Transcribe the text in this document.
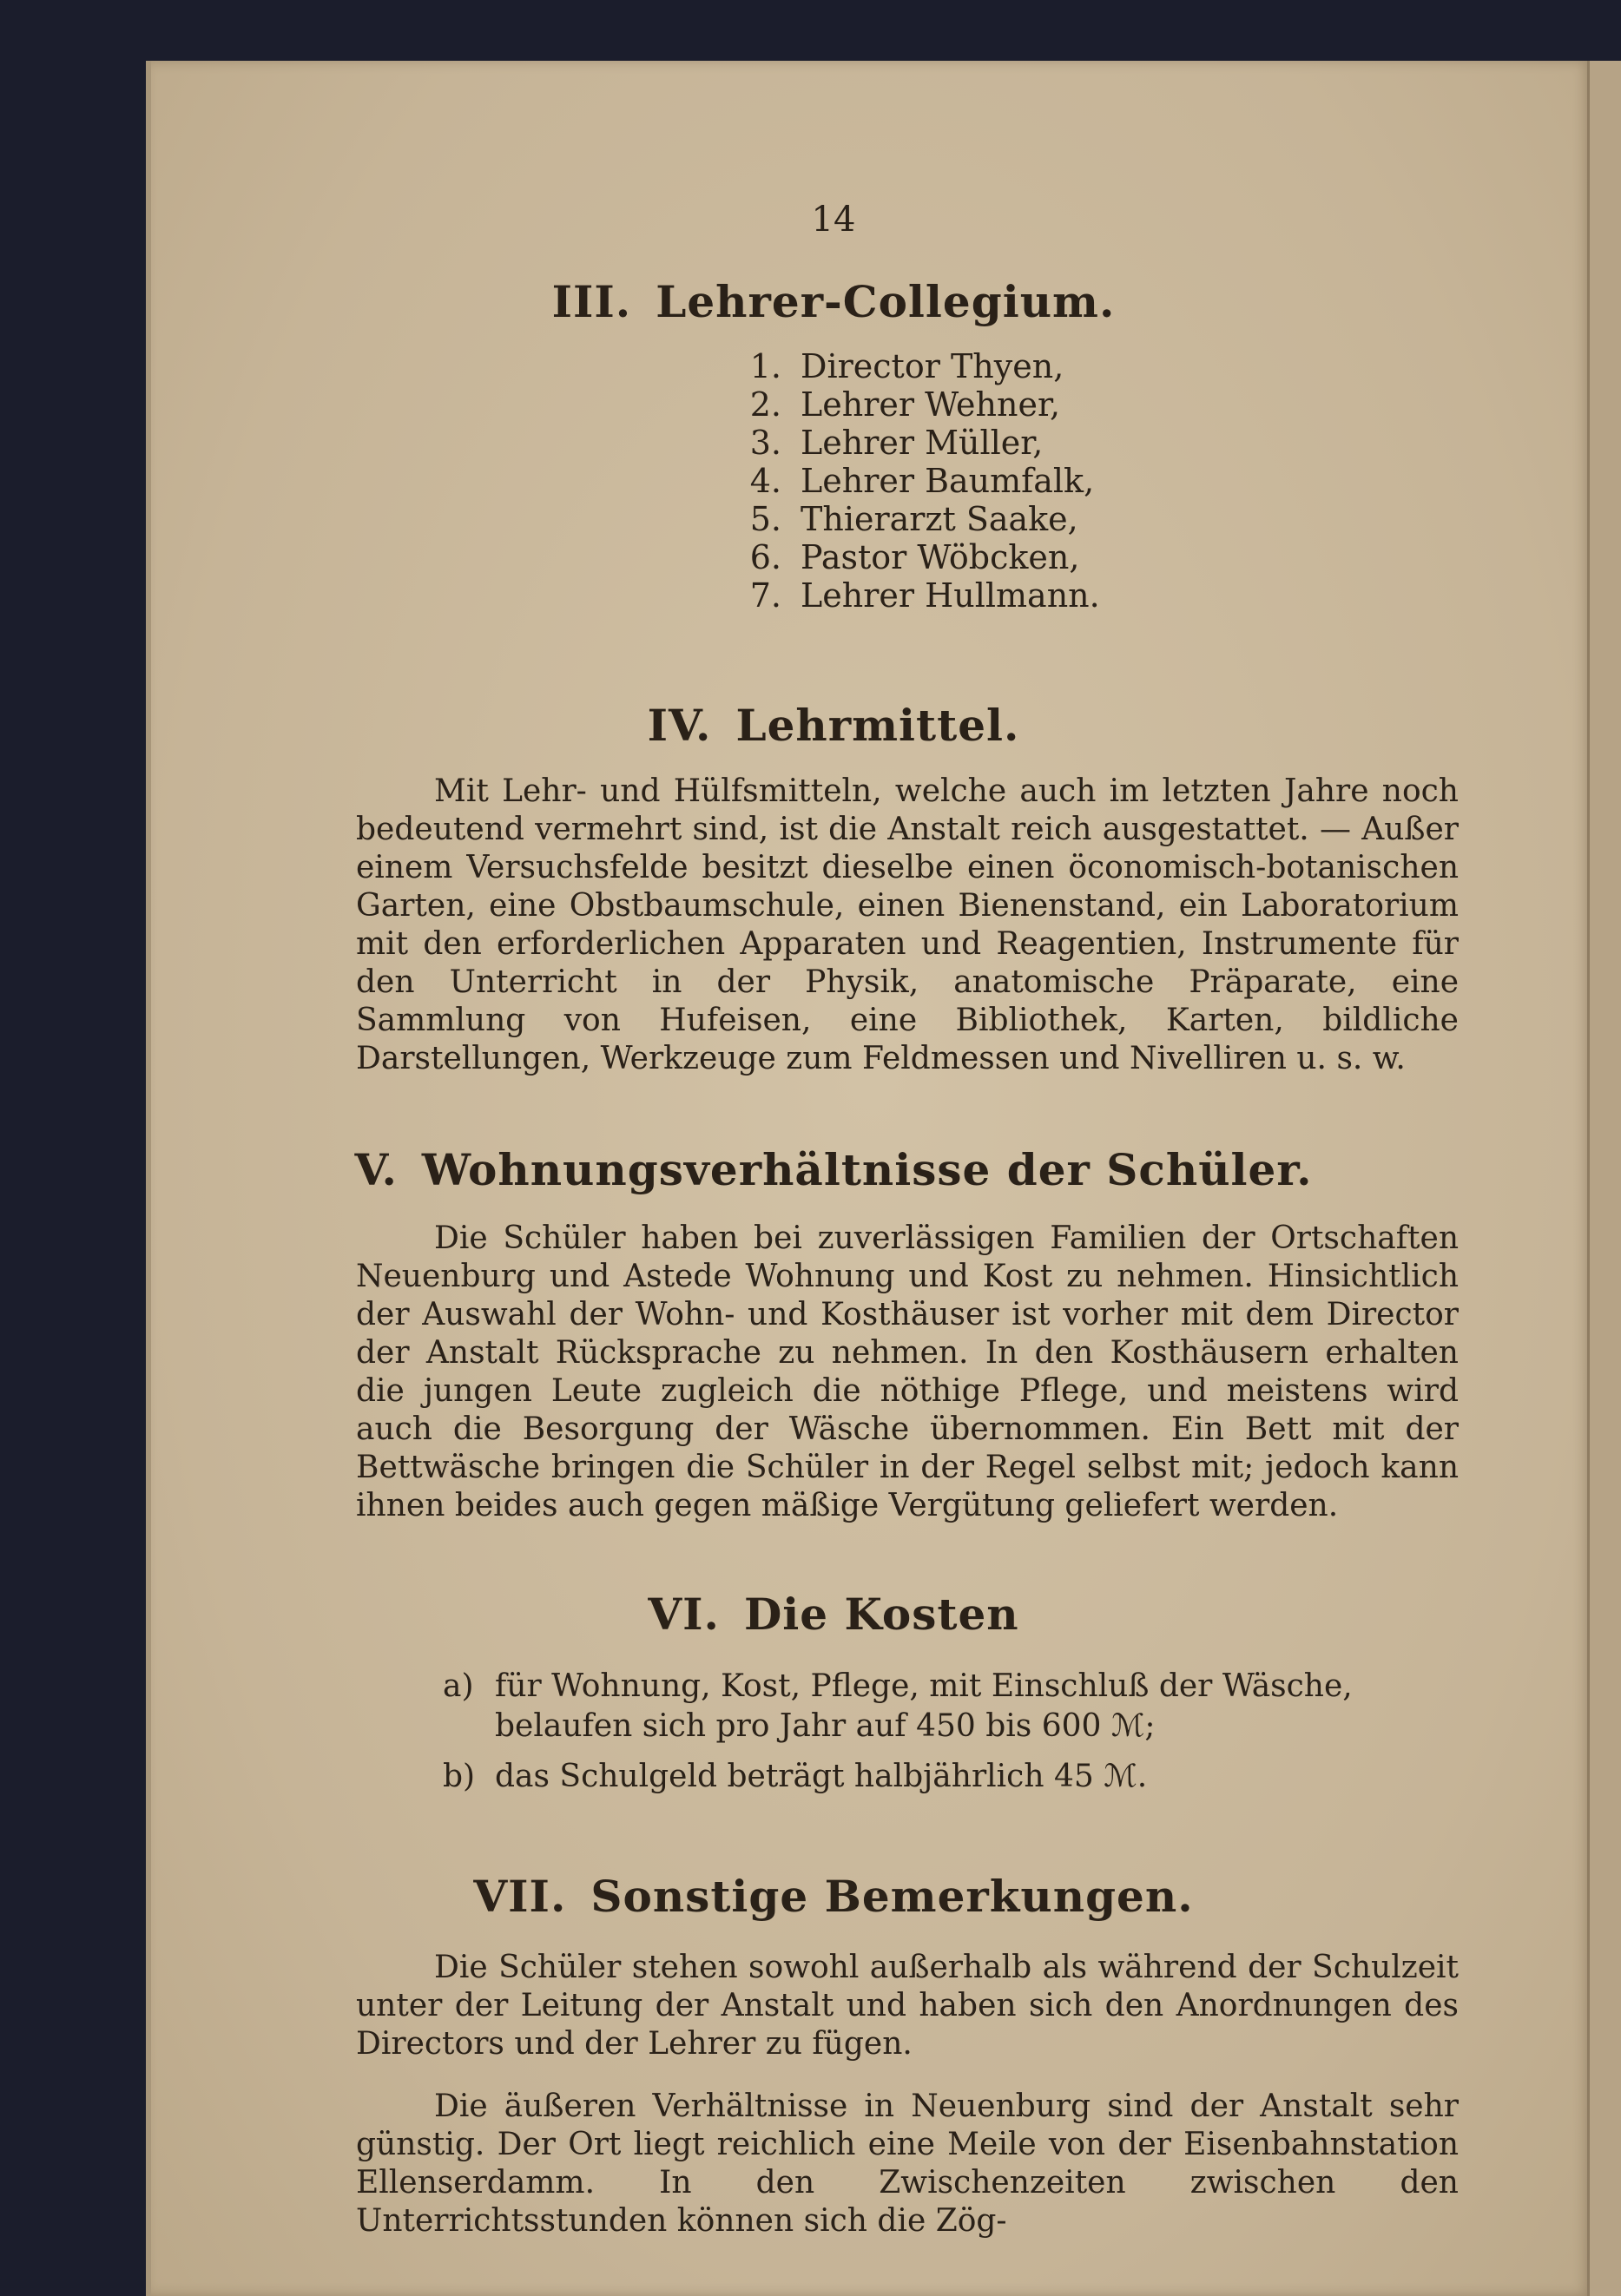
14
III. Lehrer-Collegium.
1. Director Thyen,
2. Lehrer Wehner,
3. Lehrer Müller,
4. Lehrer Baumfalk,
5. Thierarzt Saake,
6. Pastor Wöbcken,
7. Lehrer Hullmann.
IV. Lehrmittel.

Mit Lehr- und Hülfsmitteln, welche auch im letzten Jahre noch bedeutend vermehrt sind, ist die Anstalt reich ausgestattet. — Außer einem Versuchsfelde besitzt dieselbe einen öconomisch-botanischen Garten, eine Obstbaumschule, einen Bienenstand, ein Laboratorium mit den erforderlichen Apparaten und Reagentien, Instrumente für den Unterricht in der Physik, anatomische Präparate, eine Sammlung von Hufeisen, eine Bibliothek, Karten, bildliche Darstellungen, Werkzeuge zum Feldmessen und Nivelliren u. s. w.

V. Wohnungsverhältnisse der Schüler.

Die Schüler haben bei zuverlässigen Familien der Ortschaften Neuenburg und Astede Wohnung und Kost zu nehmen. Hinsichtlich der Auswahl der Wohn- und Kosthäuser ist vorher mit dem Director der Anstalt Rücksprache zu nehmen. In den Kosthäusern erhalten die jungen Leute zugleich die nöthige Pflege, und meistens wird auch die Besorgung der Wäsche übernommen. Ein Bett mit der Bettwäsche bringen die Schüler in der Regel selbst mit; jedoch kann ihnen beides auch gegen mäßige Vergütung geliefert werden.

VI. Die Kosten
a) für Wohnung, Kost, Pflege, mit Einschluß der Wäsche, belaufen sich pro Jahr auf 450 bis 600 ℳ;
b) das Schulgeld beträgt halbjährlich 45 ℳ.
VII. Sonstige Bemerkungen.

Die Schüler stehen sowohl außerhalb als während der Schulzeit unter der Leitung der Anstalt und haben sich den Anordnungen des Directors und der Lehrer zu fügen.

Die äußeren Verhältnisse in Neuenburg sind der Anstalt sehr günstig. Der Ort liegt reichlich eine Meile von der Eisenbahnstation Ellenserdamm. In den Zwischenzeiten zwischen den Unterrichtsstunden können sich die Zög-
